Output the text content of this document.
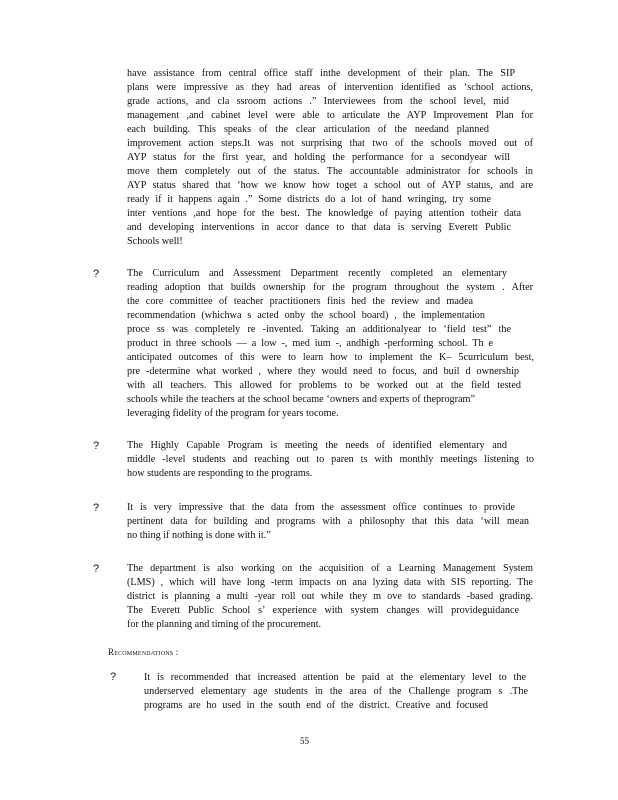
have assistance from central office staff inthe development of their plan. The SIP
plans were impressive as they had areas of intervention identified as ‘school actions,
grade actions, and cla ssroom actions .” Interviewees from the school level, mid
management ,and cabinet level were able to articulate the AYP Improvement Plan for
each building. This speaks of the clear articulation of the needand planned
improvement action steps.It was not surprising that two of the schools moved out of
AYP status for the first year, and holding the performance for a secondyear will
move them completely out of the status. The accountable administrator for schools in
AYP status shared that ‘how we know how toget a school out of AYP status, and are
ready if it happens again .” Some districts do a lot of hand wringing, try some
inter ventions ,and hope for the best. The knowledge of paying attention totheir data
and developing interventions in accor dance to that data is serving Everett Public
Schools well!
?	The Curriculum and Assessment Department recently completed an elementary
reading adoption that builds ownership for the program throughout the system . After
the core committee of teacher practitioners finis hed the review and madea
recommendation (whichwa s acted onby the school board) , the implementation
proce ss was completely re -invented. Taking an additionalyear to ‘field test” the
product in three schools — a low -, med ium -, andhigh -performing school. Th e
anticipated outcomes of this were to learn how to implement the K– 5curriculum best,
pre -determine what worked , where they would need to focus, and buil d ownership
with all teachers. This allowed for problems to be worked out at the field tested
schools while the teachers at the school became ‘owners and experts of theprogram”
leveraging fidelity of the program for years tocome.
?	The Highly Capable Program is meeting the needs of identified elementary and
middle -level students and reaching out to paren ts with monthly meetings listening to
how students are responding to the programs.
?	It is very impressive that the data from the assessment office continues to provide
pertinent data for building and programs with a philosophy that this data ‘will mean
no thing if nothing is done with it.”
?	The department is also working on the acquisition of a Learning Management System
(LMS) , which will have long -term impacts on ana lyzing data with SIS reporting. The
district is planning a multi -year roll out while they m ove to standards -based grading.
The Everett Public School s’ experience with system changes will provideguidance
for the planning and timing of the procurement.
Recommendations :
?	It is recommended that increased attention be paid at the elementary level to the
underserved elementary age students in the area of the Challenge program s .The
programs are ho used in the south end of the district. Creative and focused
55
